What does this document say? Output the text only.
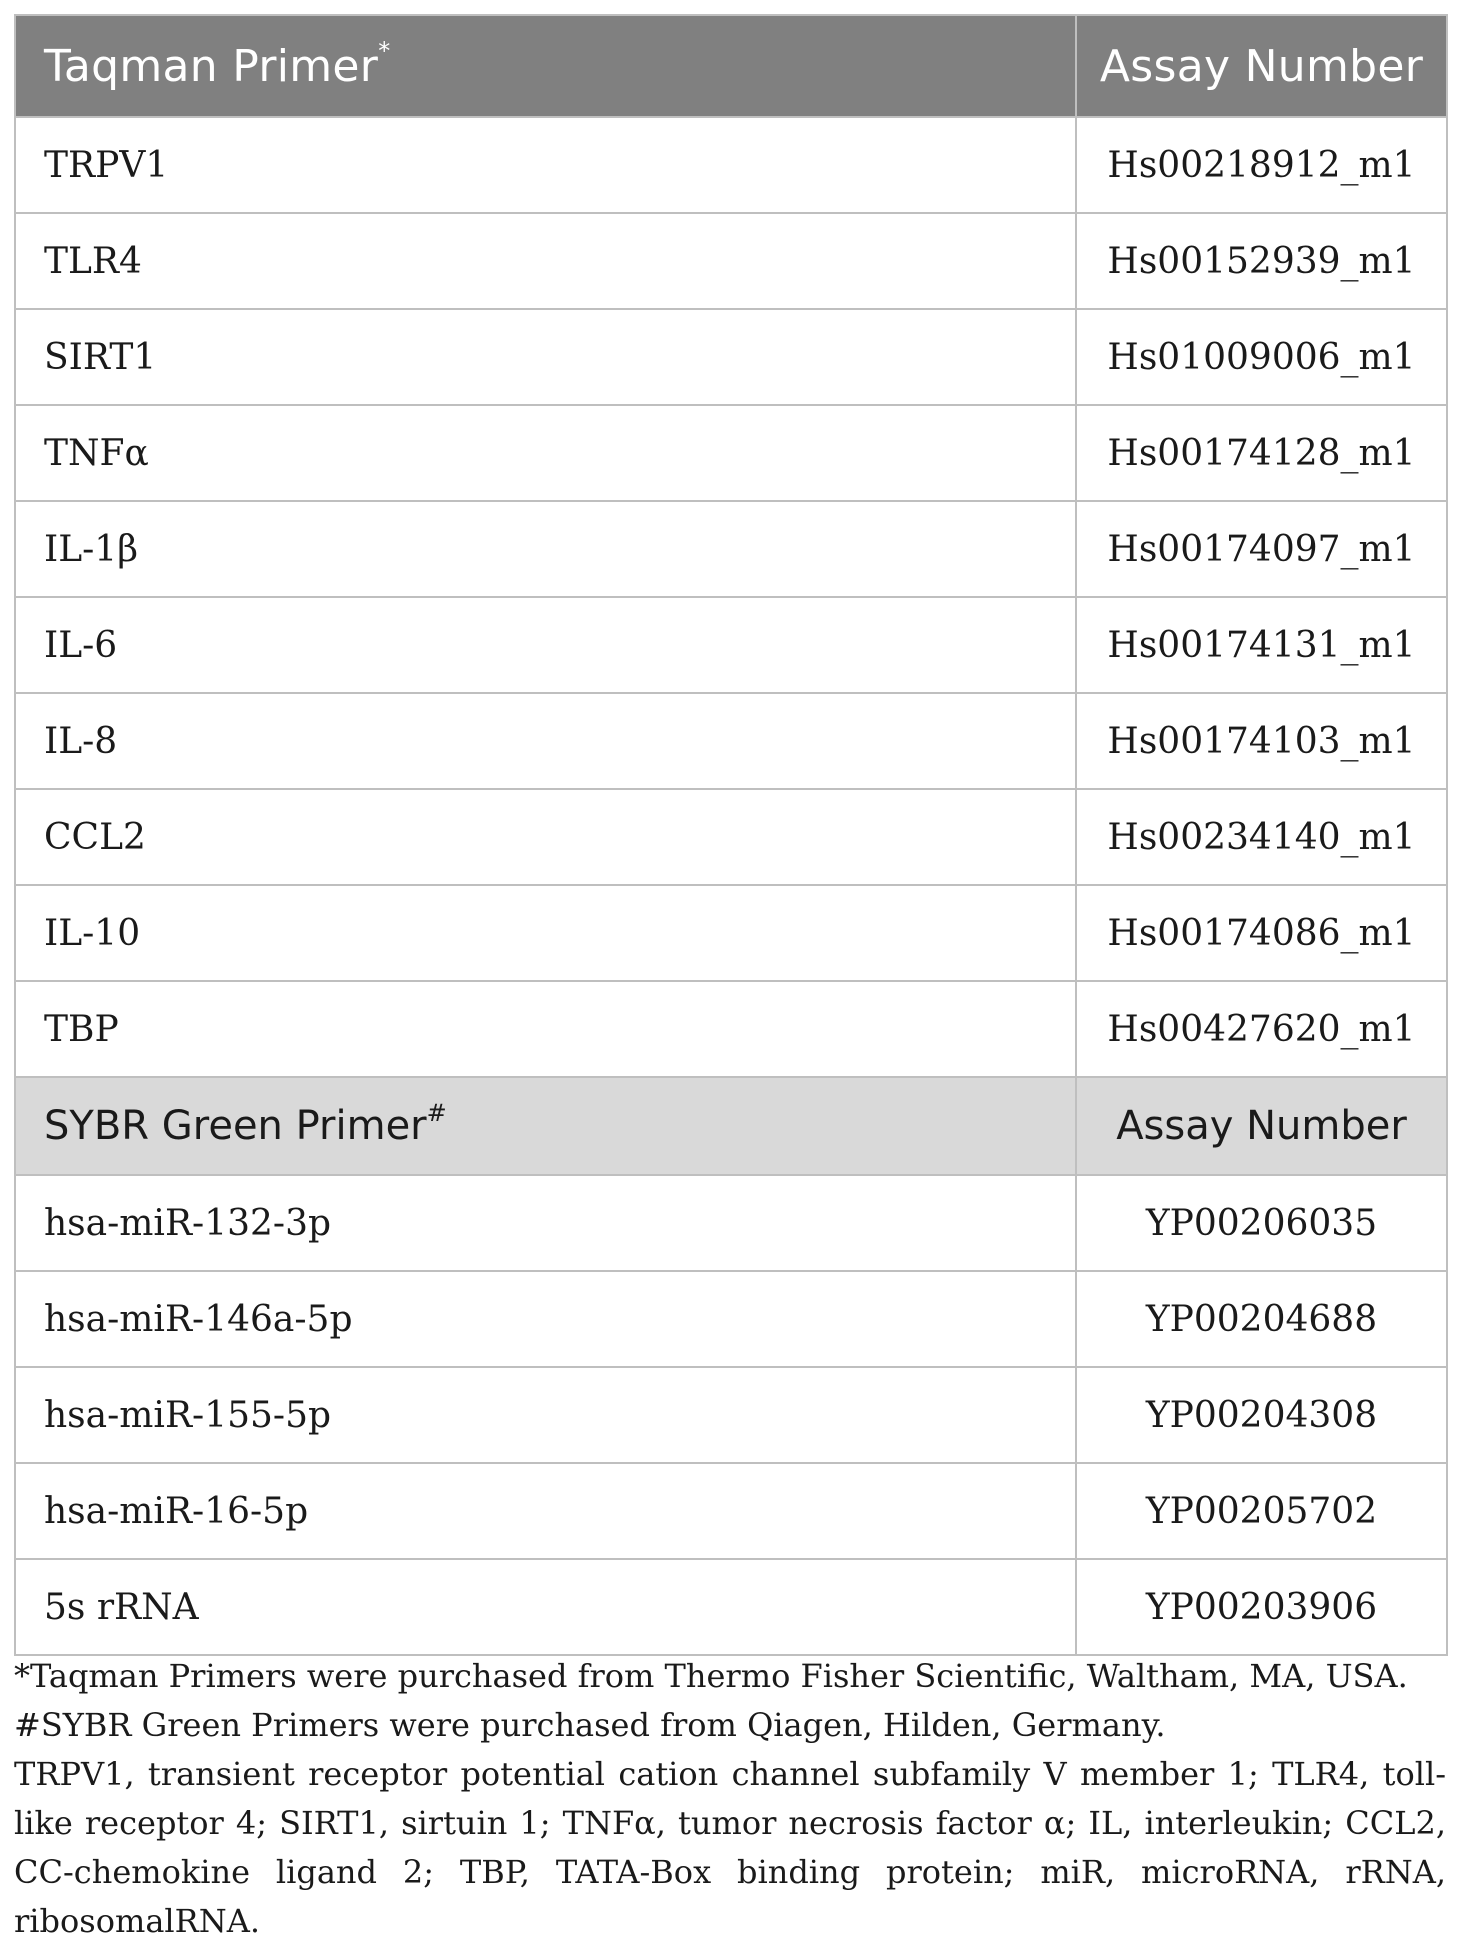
Taqman Primer*	Assay Number
TRPV1	Hs00218912_m1
TLR4	Hs00152939_m1
SIRT1	Hs01009006_m1
TNFα	Hs00174128_m1
IL-1β	Hs00174097_m1
IL-6	Hs00174131_m1
IL-8	Hs00174103_m1
CCL2	Hs00234140_m1
IL-10	Hs00174086_m1
TBP	Hs00427620_m1
SYBR Green Primer#	Assay Number
hsa-miR-132-3p	YP00206035
hsa-miR-146a-5p	YP00204688
hsa-miR-155-5p	YP00204308
hsa-miR-16-5p	YP00205702
5s rRNA	YP00203906

*Taqman Primers were purchased from Thermo Fisher Scientific, Waltham, MA, USA.

#SYBR Green Primers were purchased from Qiagen, Hilden, Germany.

TRPV1, transient receptor potential cation channel subfamily V member 1; TLR4, toll-like receptor 4; SIRT1, sirtuin 1; TNFα, tumor necrosis factor α; IL, interleukin; CCL2, CC-chemokine ligand 2; TBP, TATA-Box binding protein; miR, microRNA, rRNA, ribosomalRNA.
